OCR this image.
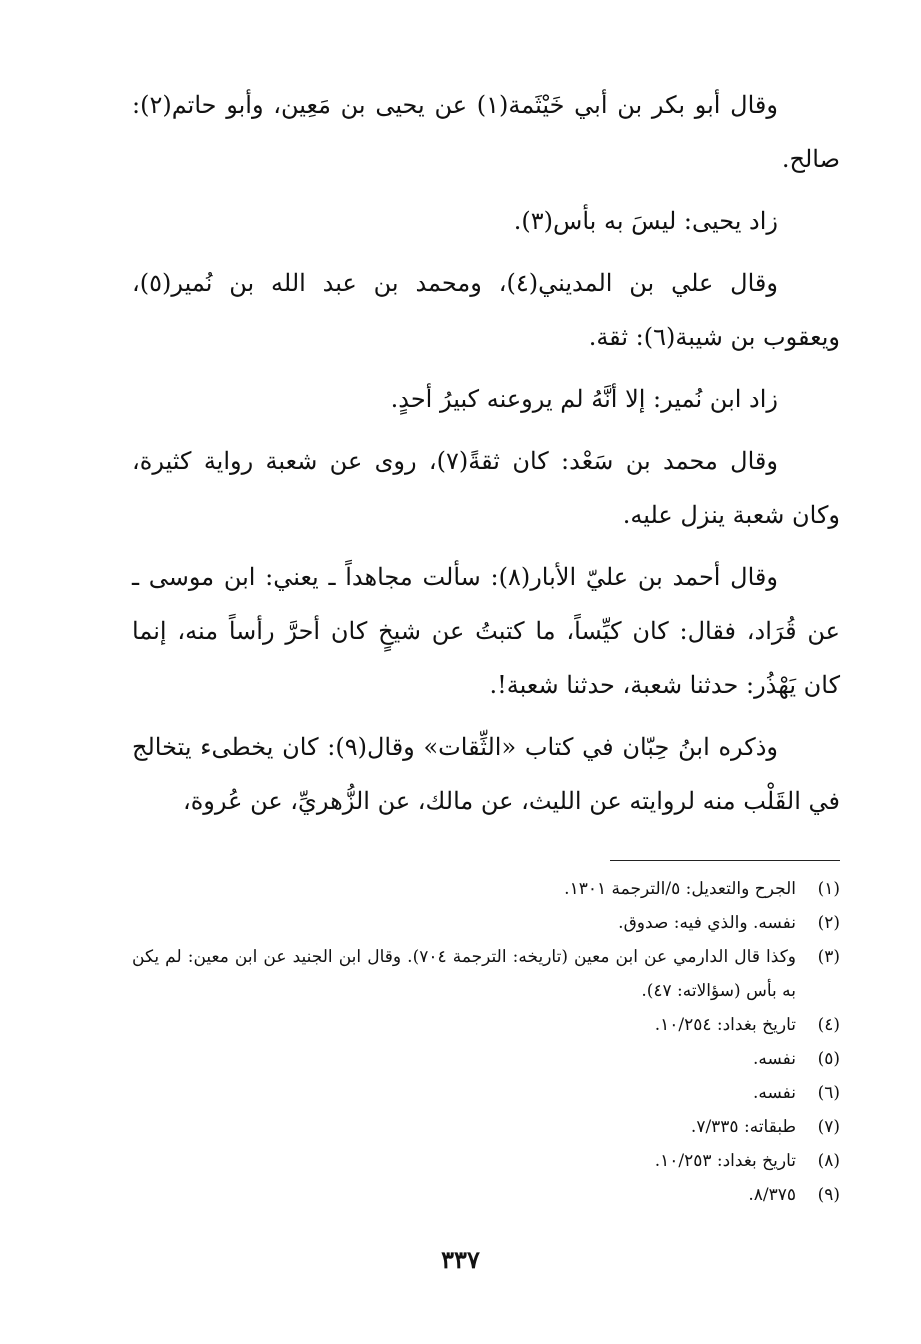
وقال أبو بكر بن أبي خَيْثَمة(١) عن يحيى بن مَعِين، وأبو حاتم(٢): صالح.

زاد يحيى: ليسَ به بأس(٣).

وقال علي بن المديني(٤)، ومحمد بن عبد الله بن نُمير(٥)، ويعقوب بن شيبة(٦): ثقة.

زاد ابن نُمير: إلا أنَّهُ لم يروعنه كبيرُ أحدٍ.

وقال محمد بن سَعْد: كان ثقةً(٧)، روى عن شعبة رواية كثيرة، وكان شعبة ينزل عليه.

وقال أحمد بن عليّ الأبار(٨): سألت مجاهداً ـ يعني: ابن موسى ـ عن قُرَاد، فقال: كان كيِّساً، ما كتبتُ عن شيخٍ كان أحرَّ رأساً منه، إنما كان يَهْذُر: حدثنا شعبة، حدثنا شعبة!.

وذكره ابنُ حِبّان في كتاب «الثِّقات» وقال(٩): كان يخطىء يتخالج في القَلْب منه لروايته عن الليث، عن مالك، عن الزُّهريِّ، عن عُروة،

(١)
الجرح والتعديل: ٥/الترجمة ١٣٠١.
(٢)
نفسه. والذي فيه: صدوق.
(٣)
وكذا قال الدارمي عن ابن معين (تاريخه: الترجمة ٧٠٤). وقال ابن الجنيد عن ابن معين: لم يكن به بأس (سؤالاته: ٤٧).
(٤)
تاريخ بغداد: ١٠/٢٥٤.
(٥)
نفسه.
(٦)
نفسه.
(٧)
طبقاته: ٧/٣٣٥.
(٨)
تاريخ بغداد: ١٠/٢٥٣.
(٩)
٨/٣٧٥.
٣٣٧
